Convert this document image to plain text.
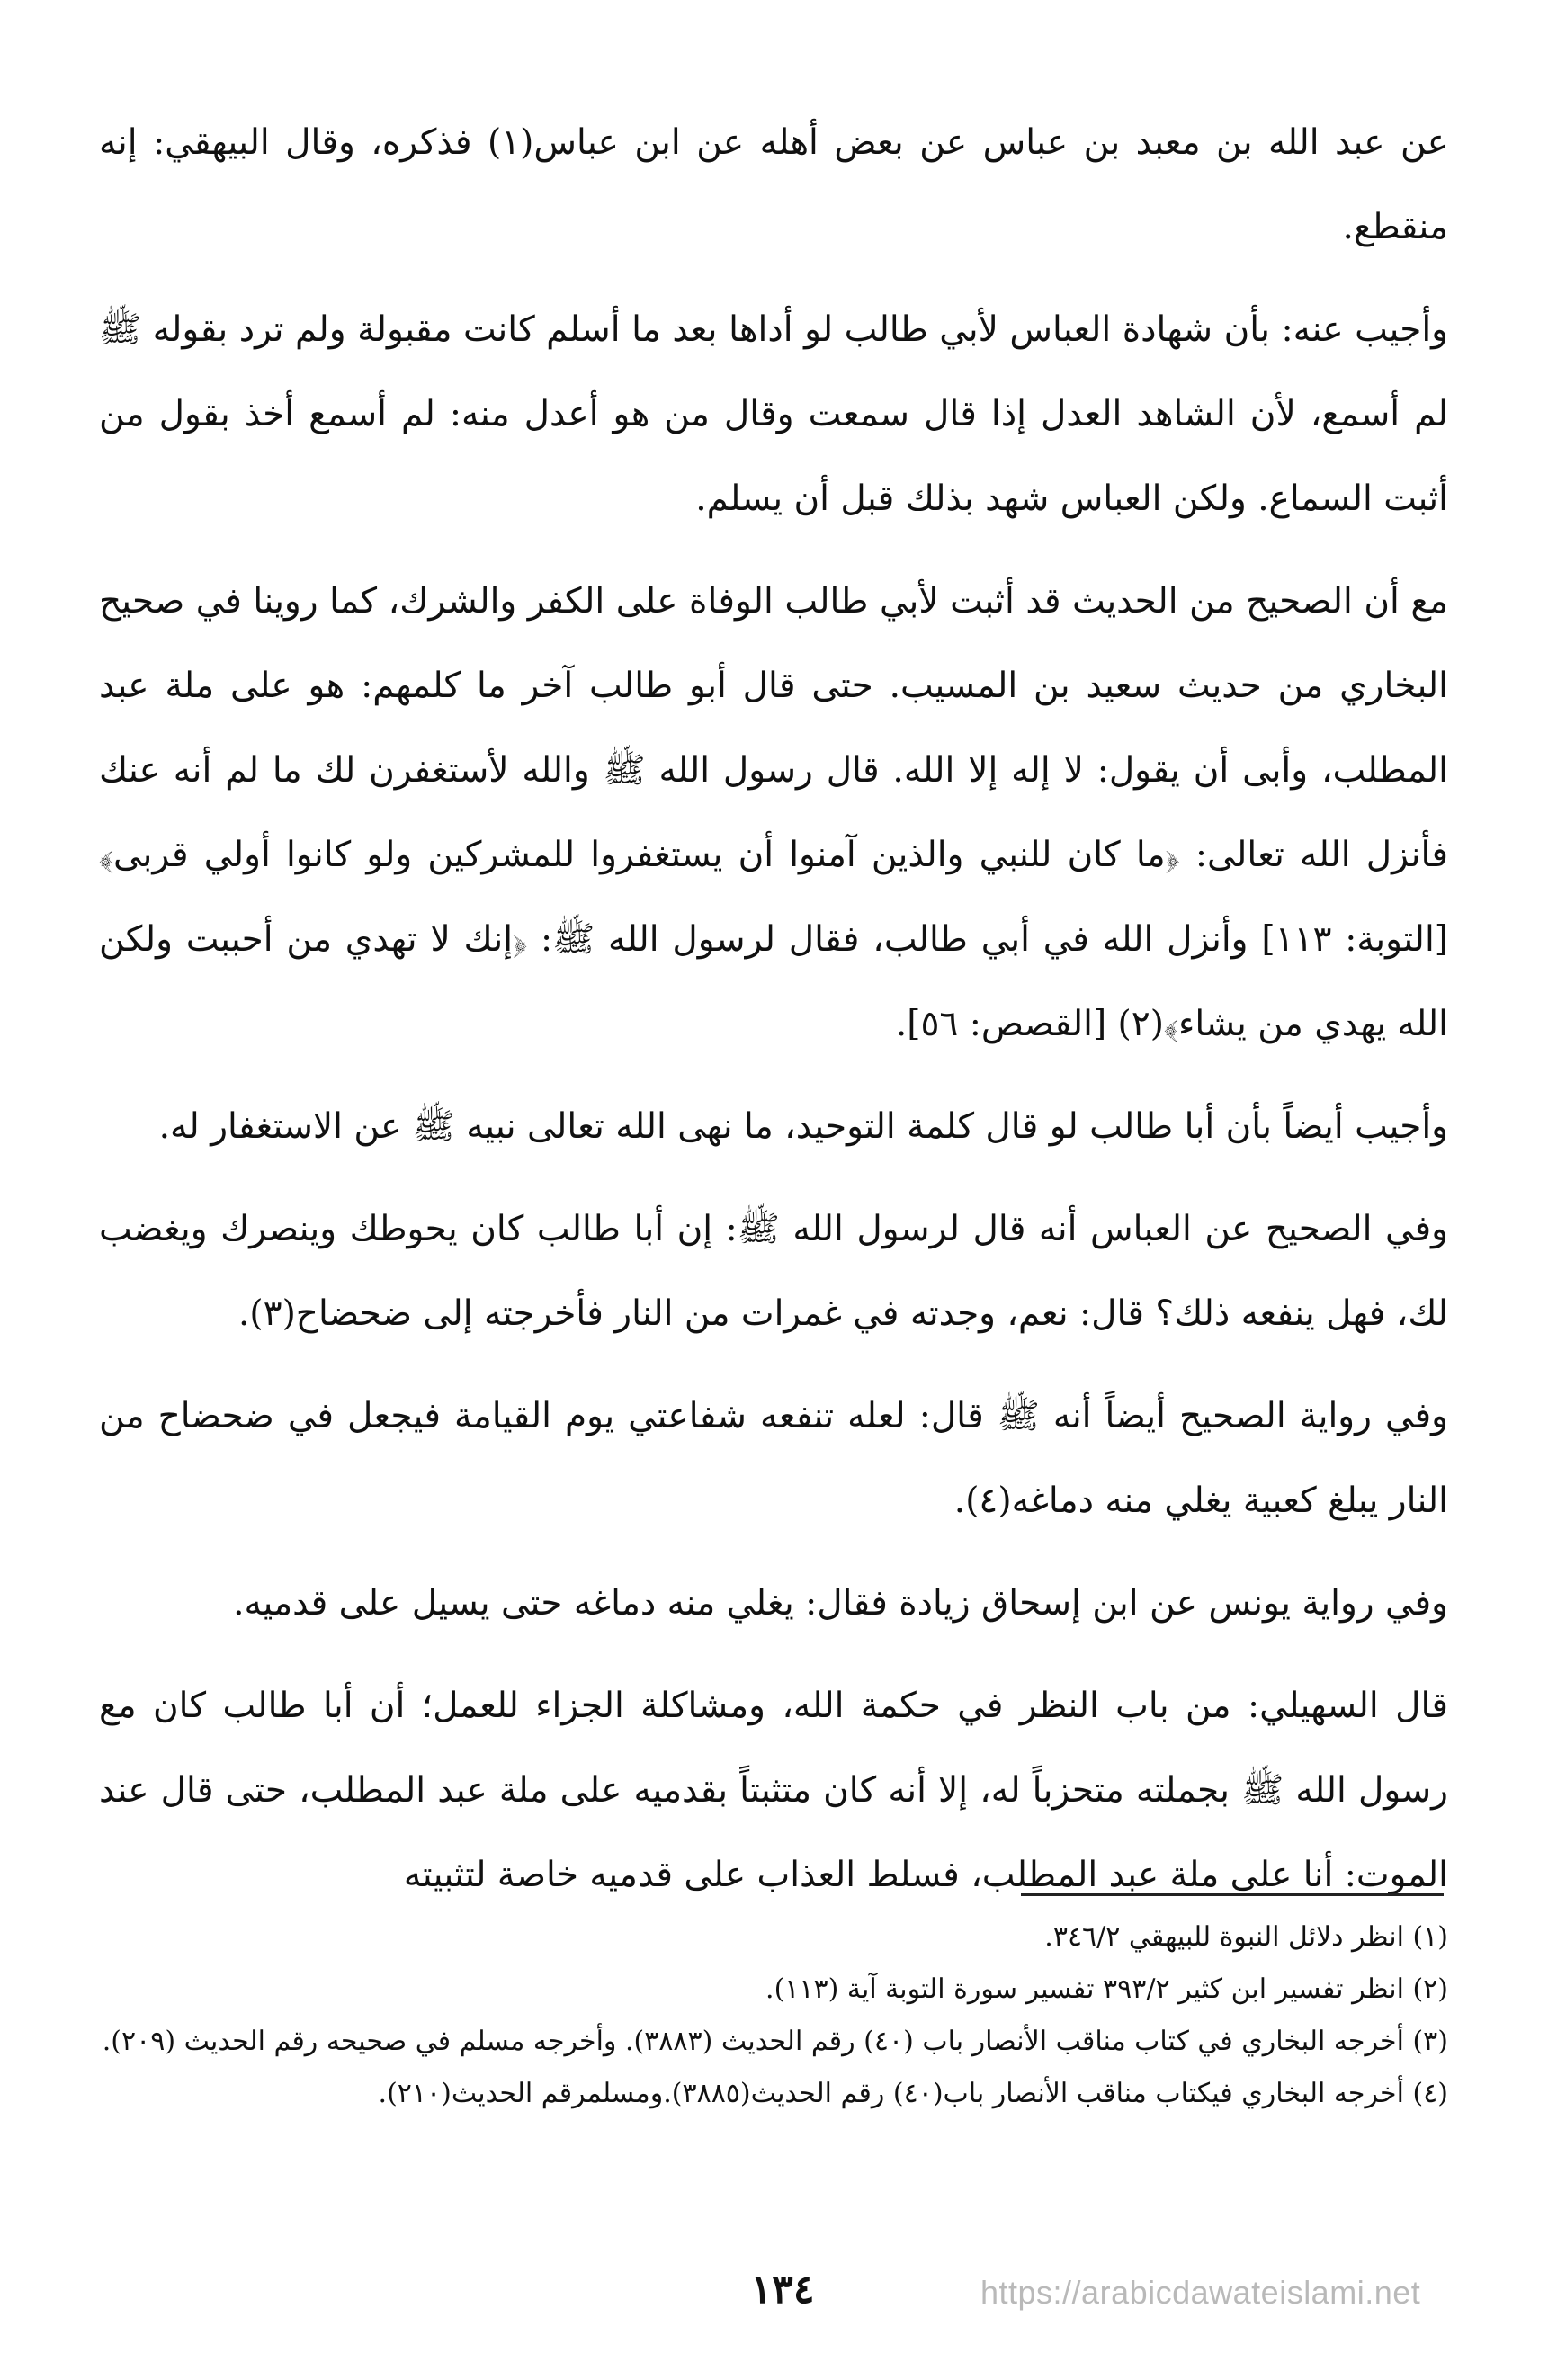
عن عبد الله بن معبد بن عباس عن بعض أهله عن ابن عباس(١) فذكره، وقال البيهقي: إنه منقطع.

وأجيب عنه: بأن شهادة العباس لأبي طالب لو أداها بعد ما أسلم كانت مقبولة ولم ترد بقوله ﷺ لم أسمع، لأن الشاهد العدل إذا قال سمعت وقال من هو أعدل منه: لم أسمع أخذ بقول من أثبت السماع. ولكن العباس شهد بذلك قبل أن يسلم.

مع أن الصحيح من الحديث قد أثبت لأبي طالب الوفاة على الكفر والشرك، كما روينا في صحيح البخاري من حديث سعيد بن المسيب. حتى قال أبو طالب آخر ما كلمهم: هو على ملة عبد المطلب، وأبى أن يقول: لا إله إلا الله. قال رسول الله ﷺ والله لأستغفرن لك ما لم أنه عنك فأنزل الله تعالى: ﴿ما كان للنبي والذين آمنوا أن يستغفروا للمشركين ولو كانوا أولي قربى﴾ [التوبة: ١١٣] وأنزل الله في أبي طالب، فقال لرسول الله ﷺ: ﴿إنك لا تهدي من أحببت ولكن الله يهدي من يشاء﴾(٢) [القصص: ٥٦].

وأجيب أيضاً بأن أبا طالب لو قال كلمة التوحيد، ما نهى الله تعالى نبيه ﷺ عن الاستغفار له.

وفي الصحيح عن العباس أنه قال لرسول الله ﷺ: إن أبا طالب كان يحوطك وينصرك ويغضب لك، فهل ينفعه ذلك؟ قال: نعم، وجدته في غمرات من النار فأخرجته إلى ضحضاح(٣).

وفي رواية الصحيح أيضاً أنه ﷺ قال: لعله تنفعه شفاعتي يوم القيامة فيجعل في ضحضاح من النار يبلغ كعبية يغلي منه دماغه(٤).

وفي رواية يونس عن ابن إسحاق زيادة فقال: يغلي منه دماغه حتى يسيل على قدميه.

قال السهيلي: من باب النظر في حكمة الله، ومشاكلة الجزاء للعمل؛ أن أبا طالب كان مع رسول الله ﷺ بجملته متحزباً له، إلا أنه كان متثبتاً بقدميه على ملة عبد المطلب، حتى قال عند الموت: أنا على ملة عبد المطلب، فسلط العذاب على قدميه خاصة لتثبيته

(١) انظر دلائل النبوة للبيهقي ٣٤٦/٢.

(٢) انظر تفسير ابن كثير ٣٩٣/٢ تفسير سورة التوبة آية (١١٣).

(٣) أخرجه البخاري في كتاب مناقب الأنصار باب (٤٠) رقم الحديث (٣٨٨٣). وأخرجه مسلم في صحيحه رقم الحديث (٢٠٩).

(٤) أخرجه البخاري فيكتاب مناقب الأنصار باب(٤٠) رقم الحديث(٣٨٨٥).ومسلمرقم الحديث(٢١٠).

١٣٤	https://arabicdawateislami.net
